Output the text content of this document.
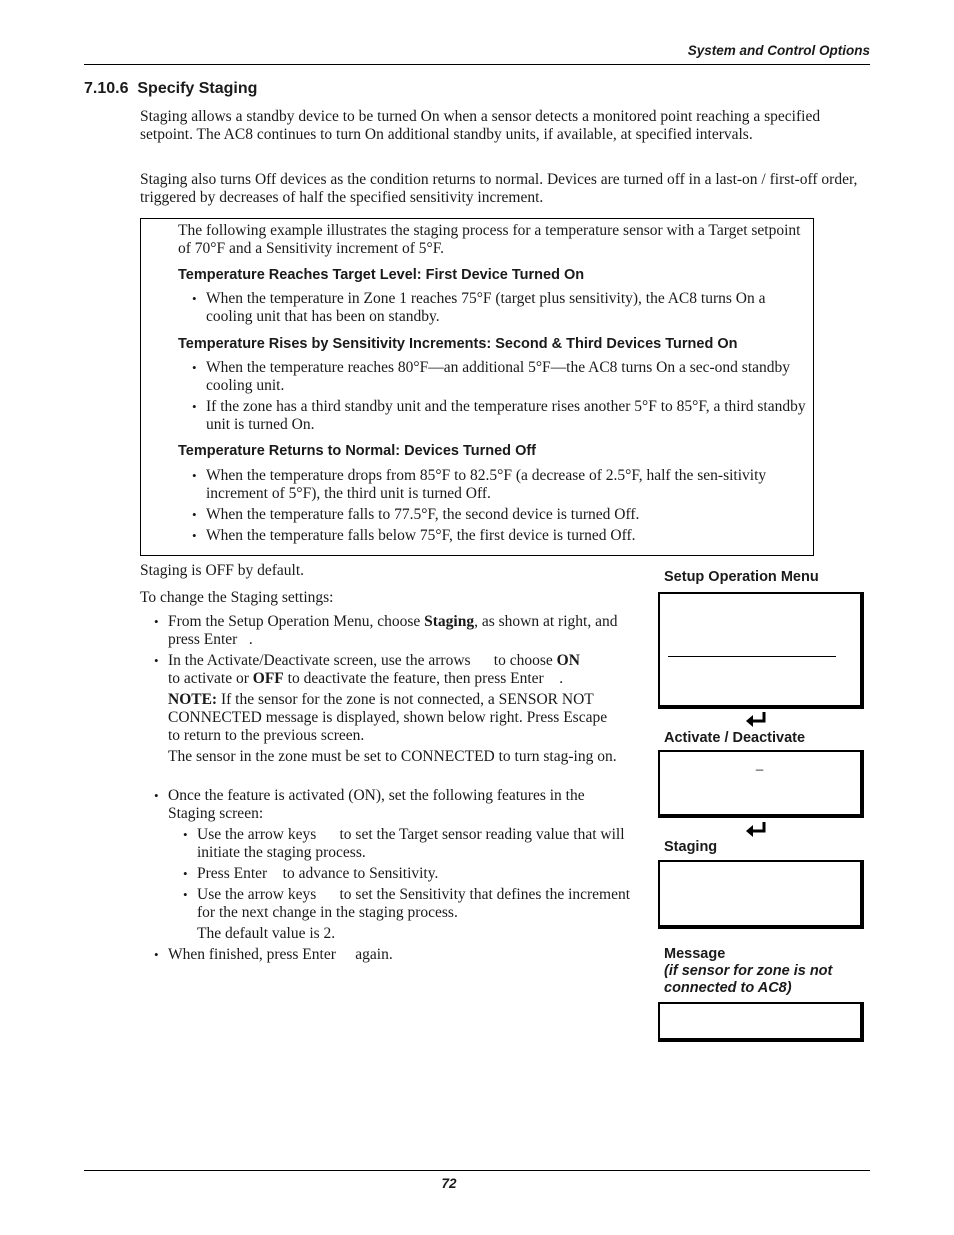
System and Control Options
7.10.6 Specify Staging
Staging allows a standby device to be turned On when a sensor detects a monitored point reaching a specified setpoint. The AC8 continues to turn On additional standby units, if available, at specified intervals.
Staging also turns Off devices as the condition returns to normal. Devices are turned off in a last-on / first-off order, triggered by decreases of half the specified sensitivity increment.
The following example illustrates the staging process for a temperature sensor with a Target setpoint of 70°F and a Sensitivity increment of 5°F.
Temperature Reaches Target Level: First Device Turned On
• When the temperature in Zone 1 reaches 75°F (target plus sensitivity), the AC8 turns On a cooling unit that has been on standby.
Temperature Rises by Sensitivity Increments: Second & Third Devices Turned On
• When the temperature reaches 80°F—an additional 5°F—the AC8 turns On a sec-ond standby cooling unit.
• If the zone has a third standby unit and the temperature rises another 5°F to 85°F, a third standby unit is turned On.
Temperature Returns to Normal: Devices Turned Off
• When the temperature drops from 85°F to 82.5°F (a decrease of 2.5°F, half the sen-sitivity increment of 5°F), the third unit is turned Off.
• When the temperature falls to 77.5°F, the second device is turned Off.
• When the temperature falls below 75°F, the first device is turned Off.
Staging is OFF by default.
To change the Staging settings:
• From the Setup Operation Menu, choose Staging, as shown at right, and press Enter .
• In the Activate/Deactivate screen, use the arrows to choose ON
to activate or OFF to deactivate the feature, then press Enter .
NOTE: If the sensor for the zone is not connected, a SENSOR NOT CONNECTED message is displayed, shown below right. Press Escape to return to the previous screen.
The sensor in the zone must be set to CONNECTED to turn stag-ing on.
• Once the feature is activated (ON), set the following features in the Staging screen:
• Use the arrow keys to set the Target sensor reading value that will initiate the staging process.
• Press Enter to advance to Sensitivity.
• Use the arrow keys to set the Sensitivity that defines the increment for the next change in the staging process.
The default value is 2.
• When finished, press Enter again.
Setup Operation Menu
Activate / Deactivate
_
Staging
Message
(if sensor for zone is not
connected to AC8)
72
